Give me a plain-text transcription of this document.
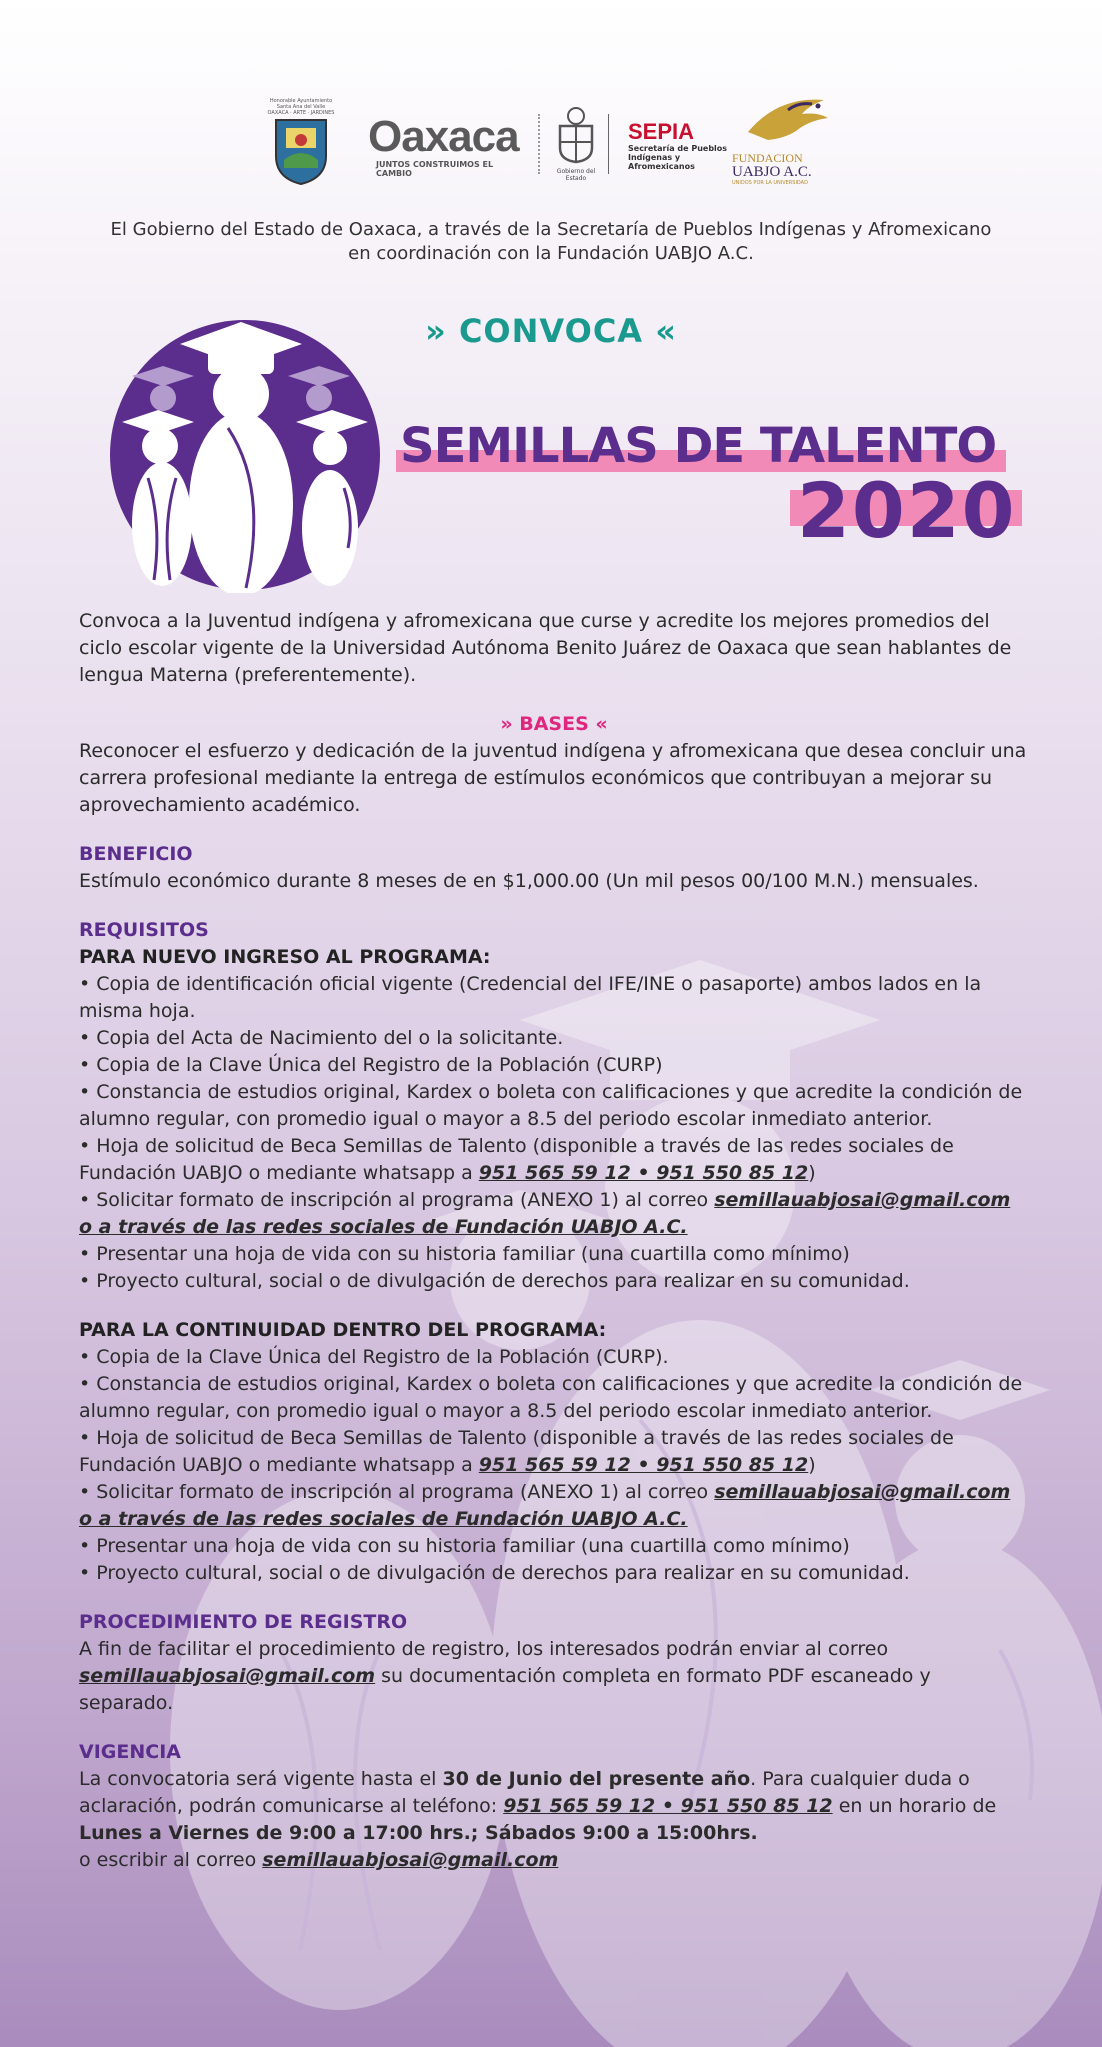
Honorable Ayuntamiento Santa Ana del Valle
OAXACA · ARTE · JARDINES Oaxaca
JUNTOS CONSTRUIMOS EL CAMBIO	Gobierno del Estado
SEPIA
Secretaría de Pueblos
Indígenas y Afromexicanos
FUNDACION
UABJO A.C.
UNIDOS POR LA UNIVERSIDAD
El Gobierno del Estado de Oaxaca, a través de la Secretaría de Pueblos Indígenas y Afromexicano
en coordinación con la Fundación UABJO A.C.
» CONVOCA «
SEMILLAS DE TALENTO
2020

Convoca a la Juventud indígena y afromexicana que curse y acredite los mejores promedios del ciclo escolar vigente de la Universidad Autónoma Benito Juárez de Oaxaca que sean hablantes de lengua Materna (preferentemente).

» BASES «

Reconocer el esfuerzo y dedicación de la juventud indígena y afromexicana que desea concluir una carrera profesional mediante la entrega de estímulos económicos que contribuyan a mejorar su aprovechamiento académico.

BENEFICIO

Estímulo económico durante 8 meses de en $1,000.00 (Un mil pesos 00/100 M.N.) mensuales.

REQUISITOS

PARA NUEVO INGRESO AL PROGRAMA:

• Copia de identificación oficial vigente (Credencial del IFE/INE o pasaporte) ambos lados en la misma hoja.

• Copia del Acta de Nacimiento del o la solicitante.

• Copia de la Clave Única del Registro de la Población (CURP)

• Constancia de estudios original, Kardex o boleta con calificaciones y que acredite la condición de alumno regular, con promedio igual o mayor a 8.5 del periodo escolar inmediato anterior.

• Hoja de solicitud de Beca Semillas de Talento (disponible a través de las redes sociales de Fundación UABJO o mediante whatsapp a 951 565 59 12 • 951 550 85 12)

• Solicitar formato de inscripción al programa (ANEXO 1) al correo semillauabjosai@gmail.com

o a través de las redes sociales de Fundación UABJO A.C.

• Presentar una hoja de vida con su historia familiar (una cuartilla como mínimo)

• Proyecto cultural, social o de divulgación de derechos para realizar en su comunidad.

PARA LA CONTINUIDAD DENTRO DEL PROGRAMA:

• Copia de la Clave Única del Registro de la Población (CURP).

• Constancia de estudios original, Kardex o boleta con calificaciones y que acredite la condición de alumno regular, con promedio igual o mayor a 8.5 del periodo escolar inmediato anterior.

• Hoja de solicitud de Beca Semillas de Talento (disponible a través de las redes sociales de Fundación UABJO o mediante whatsapp a 951 565 59 12 • 951 550 85 12)

• Solicitar formato de inscripción al programa (ANEXO 1) al correo semillauabjosai@gmail.com

o a través de las redes sociales de Fundación UABJO A.C.

• Presentar una hoja de vida con su historia familiar (una cuartilla como mínimo)

• Proyecto cultural, social o de divulgación de derechos para realizar en su comunidad.

PROCEDIMIENTO DE REGISTRO

A fin de facilitar el procedimiento de registro, los interesados podrán enviar al correo semillauabjosai@gmail.com su documentación completa en formato PDF escaneado y separado.

VIGENCIA

La convocatoria será vigente hasta el 30 de Junio del presente año. Para cualquier duda o aclaración, podrán comunicarse al teléfono: 951 565 59 12 • 951 550 85 12 en un horario de Lunes a Viernes de 9:00 a 17:00 hrs.; Sábados 9:00 a 15:00hrs.

o escribir al correo semillauabjosai@gmail.com
